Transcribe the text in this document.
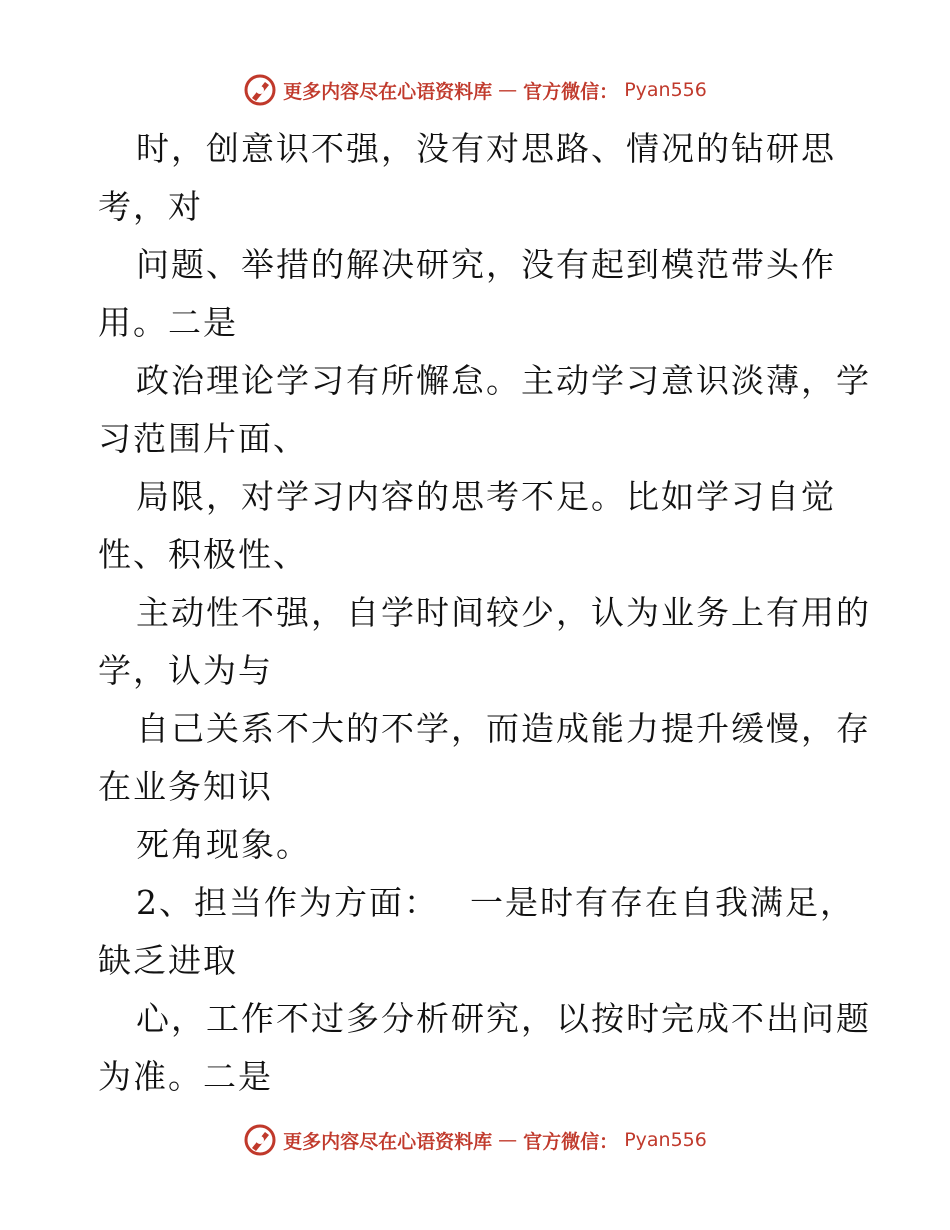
更多内容尽在心语资料库 — 官方微信： Pyan556
时，创意识不强，没有对思路、情况的钻研思
考，对
问题、举措的解决研究，没有起到模范带头作
用。二是
政治理论学习有所懈怠。主动学习意识淡薄，学
习范围片面、
局限，对学习内容的思考不足。比如学习自觉
性、积极性、
主动性不强，自学时间较少，认为业务上有用的
学，认为与
自己关系不大的不学，而造成能力提升缓慢，存
在业务知识
死角现象。
2、担当作为方面：　 一是时有存在自我满足，
缺乏进取
心，工作不过多分析研究，以按时完成不出问题
为准。二是
更多内容尽在心语资料库 — 官方微信： Pyan556
